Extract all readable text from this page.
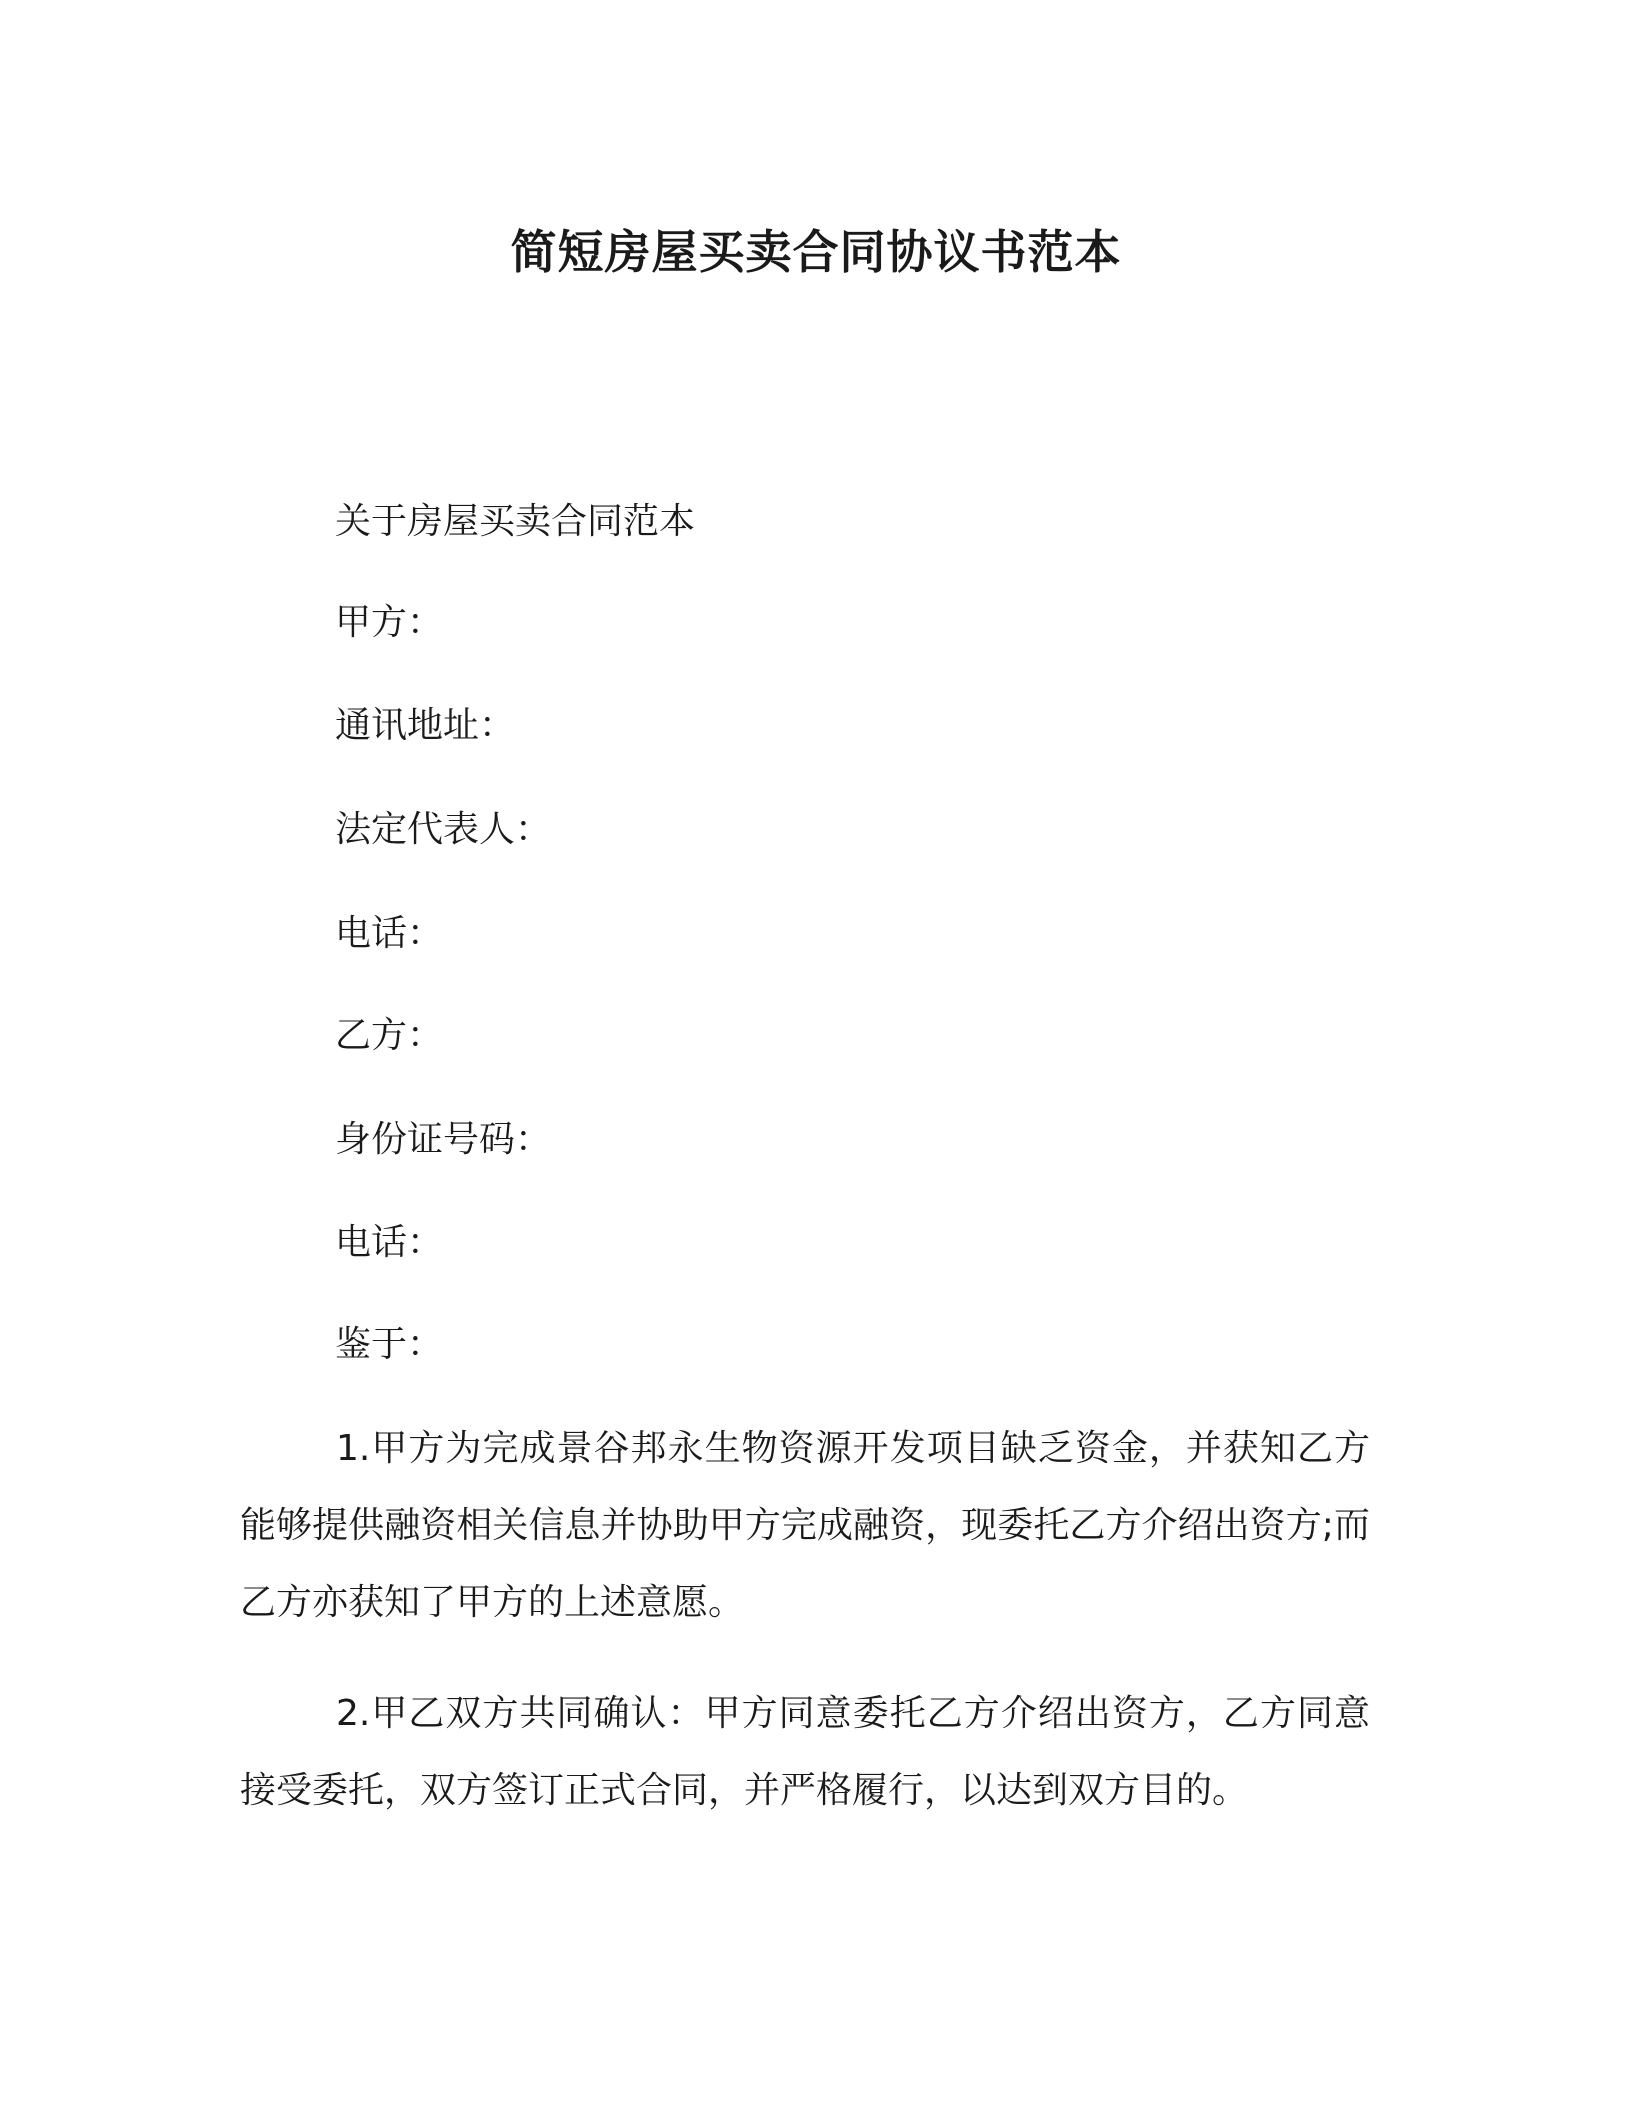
简短房屋买卖合同协议书范本

关于房屋买卖合同范本

甲方：

通讯地址：

法定代表人：

电话：

乙方：

身份证号码：

电话：

鉴于：

1.甲方为完成景谷邦永生物资源开发项目缺乏资金，并获知乙方能够提供融资相关信息并协助甲方完成融资，现委托乙方介绍出资方;而乙方亦获知了甲方的上述意愿。

2.甲乙双方共同确认：甲方同意委托乙方介绍出资方，乙方同意接受委托，双方签订正式合同，并严格履行，以达到双方目的。
